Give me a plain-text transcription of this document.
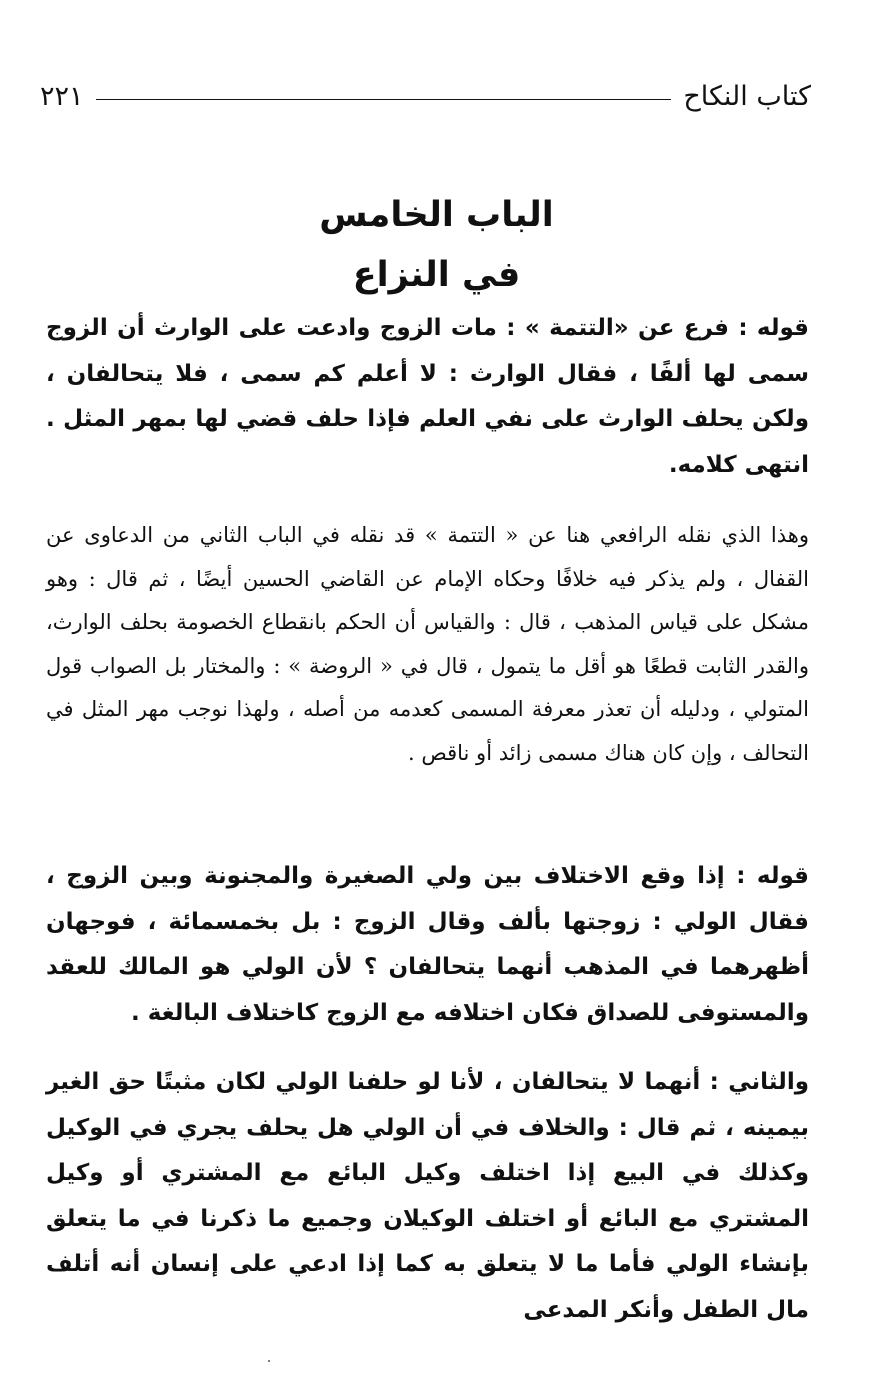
كتاب النكاح
٢٢١
الباب الخامس
في النزاع

قوله : فرع عن «التتمة » : مات الزوج وادعت على الوارث أن الزوج سمى لها ألفًا ، فقال الوارث : لا أعلم كم سمى ، فلا يتحالفان ، ولكن يحلف الوارث على نفي العلم فإذا حلف قضي لها بمهر المثل . انتهى كلامه.

وهذا الذي نقله الرافعي هنا عن « التتمة » قد نقله في الباب الثاني من الدعاوى عن القفال ، ولم يذكر فيه خلافًا وحكاه الإمام عن القاضي الحسين أيضًا ، ثم قال : وهو مشكل على قياس المذهب ، قال : والقياس أن الحكم بانقطاع الخصومة بحلف الوارث، والقدر الثابت قطعًا هو أقل ما يتمول ، قال في « الروضة » : والمختار بل الصواب قول المتولي ، ودليله أن تعذر معرفة المسمى كعدمه من أصله ، ولهذا نوجب مهر المثل في التحالف ، وإن كان هناك مسمى زائد أو ناقص .

قوله : إذا وقع الاختلاف بين ولي الصغيرة والمجنونة وبين الزوج ، فقال الولي : زوجتها بألف وقال الزوج : بل بخمسمائة ، فوجهان أظهرهما في المذهب أنهما يتحالفان ؟ لأن الولي هو المالك للعقد والمستوفى للصداق فكان اختلافه مع الزوج كاختلاف البالغة .

والثاني : أنهما لا يتحالفان ، لأنا لو حلفنا الولي لكان مثبتًا حق الغير بيمينه ، ثم قال : والخلاف في أن الولي هل يحلف يجري في الوكيل وكذلك في البيع إذا اختلف وكيل البائع مع المشتري أو وكيل المشتري مع البائع أو اختلف الوكيلان وجميع ما ذكرنا في ما يتعلق بإنشاء الولي فأما ما لا يتعلق به كما إذا ادعي على إنسان أنه أتلف مال الطفل وأنكر المدعى
